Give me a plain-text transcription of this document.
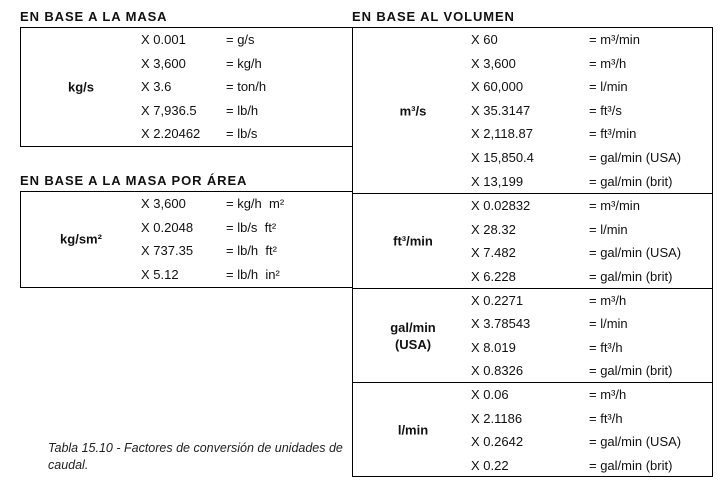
EN BASE A LA MASA	EN BASE AL VOLUMEN
EN BASE A LA MASA POR ÁREA
kg/s
X 0.001	= g/s
X 3,600	= kg/h
X 3.6	= ton/h
X 7,936.5 = lb/h
X 2.20462 = lb/s
kg/sm²
X 3,600	= kg/h  m²
X 0.2048	= lb/s  ft²
X 737.35	= lb/h  ft²
X 5.12	= lb/h  in²
m³/s
X 60	= m³/min
X 3,600	= m³/h
X 60,000	= l/min
X 35.3147	= ft³/s
X 2,118.87	= ft³/min
X 15,850.4	= gal/min (USA)
X 13,199	= gal/min (brit)
ft³/min
X 0.02832	= m³/min
X 28.32	= l/min
X 7.482	= gal/min (USA)
X 6.228	= gal/min (brit)
gal/min (USA)
X 0.2271	= m³/h
X 3.78543	= l/min
X 8.019	= ft³/h
X 0.8326	= gal/min (brit)
l/min
X 0.06	= m³/h
X 2.1186	= ft³/h
X 0.2642	= gal/min (USA)
X 0.22	= gal/min (brit)
Tabla 15.10 - Factores de conversión de unidades de caudal.
